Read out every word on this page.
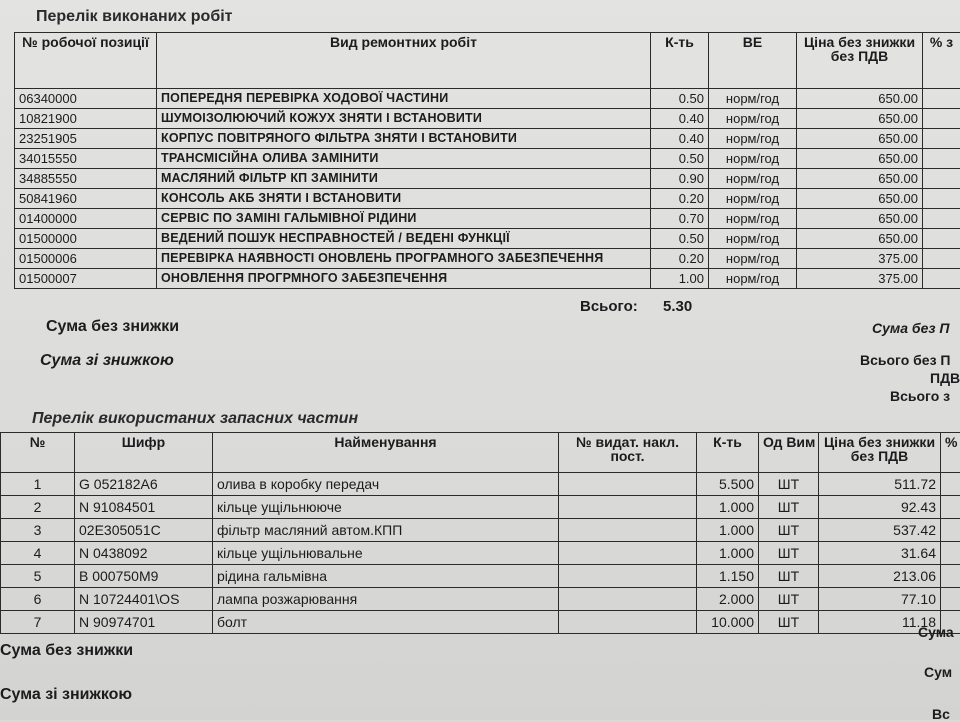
Перелік виконаних робіт
№ робочої позиції	Вид ремонтних робіт	К-ть	ВЕ	Ціна без знижки без ПДВ	% з
06340000	ПОПЕРЕДНЯ ПЕРЕВІРКА ХОДОВОЇ ЧАСТИНИ	0.50	норм/год	650.00	
10821900	ШУМОІЗОЛЮЮЧИЙ КОЖУХ ЗНЯТИ І ВСТАНОВИТИ	0.40	норм/год	650.00	
23251905	КОРПУС ПОВІТРЯНОГО ФІЛЬТРА ЗНЯТИ І ВСТАНОВИТИ	0.40	норм/год	650.00	
34015550	ТРАНСМІСІЙНА ОЛИВА ЗАМІНИТИ	0.50	норм/год	650.00	
34885550	МАСЛЯНИЙ ФІЛЬТР КП ЗАМІНИТИ	0.90	норм/год	650.00	
50841960	КОНСОЛЬ АКБ ЗНЯТИ І ВСТАНОВИТИ	0.20	норм/год	650.00	
01400000	СЕРВІС ПО ЗАМІНІ ГАЛЬМІВНОЇ РІДИНИ	0.70	норм/год	650.00	
01500000	ВЕДЕНИЙ ПОШУК НЕСПРАВНОСТЕЙ / ВЕДЕНІ ФУНКЦІЇ	0.50	норм/год	650.00	
01500006	ПЕРЕВІРКА НАЯВНОСТІ ОНОВЛЕНЬ ПРОГРАМНОГО ЗАБЕЗПЕЧЕННЯ	0.20	норм/год	375.00	
01500007	ОНОВЛЕННЯ ПРОГРМНОГО ЗАБЕЗПЕЧЕННЯ	1.00	норм/год	375.00	
Всього: 5.30
Сума без знижки
Сума зі знижкою
Сума без П
Всього без П
ПДВ
Всього з
Перелік використаних запасних частин
№	Шифр	Найменування	№ видат. накл. пост.	К-ть	Од Вим	Ціна без знижки без ПДВ	%
1	G 052182A6	олива в коробку передач		5.500	ШТ	511.72	
2	N 91084501	кільце ущільнююче		1.000	ШТ	92.43	
3	02E305051C	фільтр масляний автом.КПП		1.000	ШТ	537.42	
4	N 0438092	кільце ущільнювальне		1.000	ШТ	31.64	
5	B 000750M9	рідина гальмівна		1.150	ШТ	213.06	
6	N 10724401\OS	лампа розжарювання		2.000	ШТ	77.10	
7	N 90974701	болт		10.000	ШТ	11.18	
Сума без знижки
Сума зі знижкою
Сума
Сум
Вс
